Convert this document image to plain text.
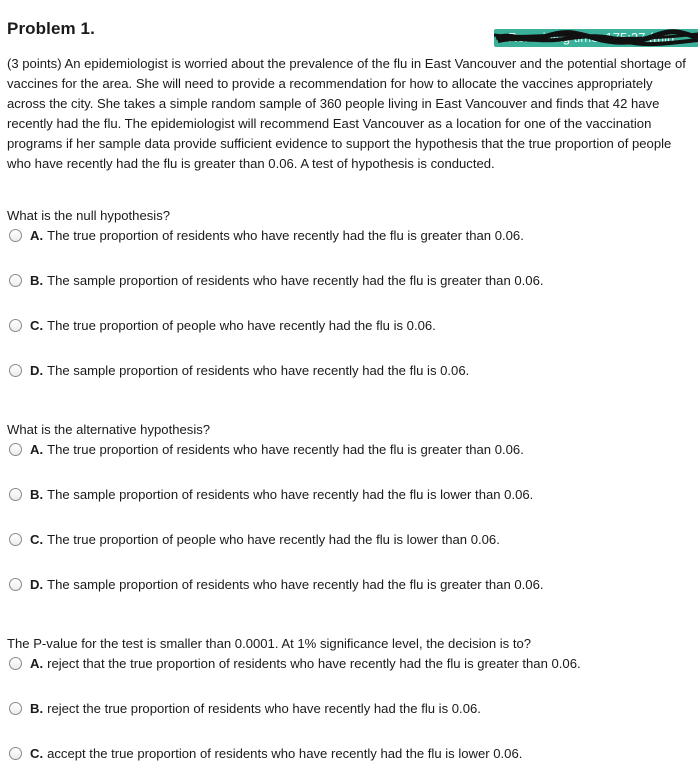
Problem 1.	Remaining time: 175:27 (min:
(3 points) An epidemiologist is worried about the prevalence of the flu in East Vancouver and the potential shortage of vaccines for the area. She will need to provide a recommendation for how to allocate the vaccines appropriately across the city. She takes a simple random sample of 360 people living in East Vancouver and finds that 42 have recently had the flu. The epidemiologist will recommend East Vancouver as a location for one of the vaccination programs if her sample data provide sufficient evidence to support the hypothesis that the true proportion of people who have recently had the flu is greater than 0.06. A test of hypothesis is conducted.
What is the null hypothesis?
A. The true proportion of residents who have recently had the flu is greater than 0.06.
B. The sample proportion of residents who have recently had the flu is greater than 0.06.
C. The true proportion of people who have recently had the flu is 0.06.
D. The sample proportion of residents who have recently had the flu is 0.06.
What is the alternative hypothesis?
A. The true proportion of residents who have recently had the flu is greater than 0.06.
B. The sample proportion of residents who have recently had the flu is lower than 0.06.
C. The true proportion of people who have recently had the flu is lower than 0.06.
D. The sample proportion of residents who have recently had the flu is greater than 0.06.
The P-value for the test is smaller than 0.0001. At 1% significance level, the decision is to?
A. reject that the true proportion of residents who have recently had the flu is greater than 0.06.
B. reject the true proportion of residents who have recently had the flu is 0.06.
C. accept the true proportion of residents who have recently had the flu is lower 0.06.
